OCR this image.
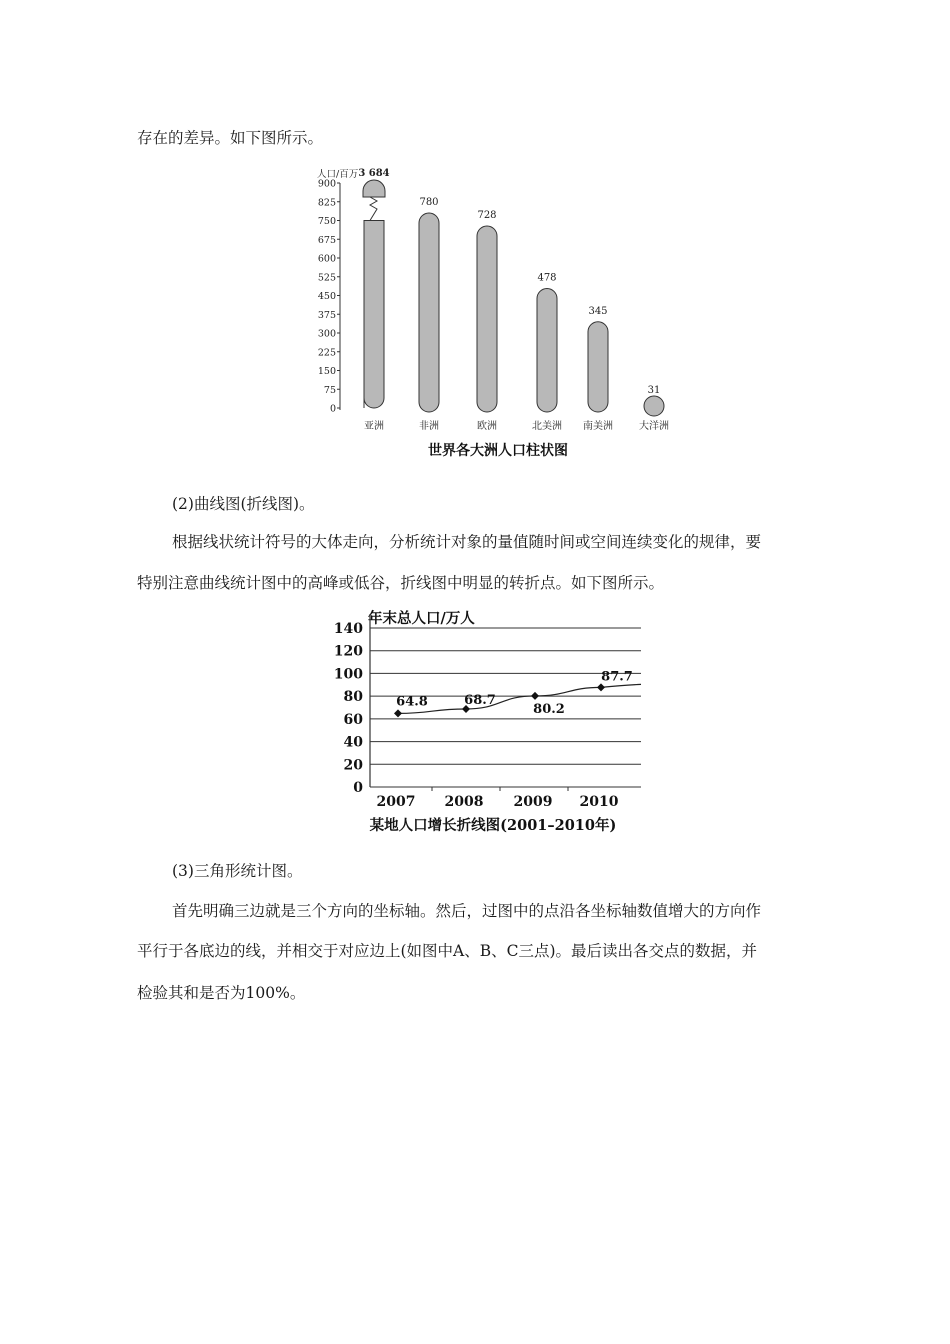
存在的差异。如下图所示。
人口/百万
0
75
150
225
300
375
450
525
600
675
750
825
900
3 684
亚洲
780
非洲
728
欧洲
478
北美洲
345
南美洲
31
大洋洲
世界各大洲人口柱状图
(2)曲线图(折线图)。
根据线状统计符号的大体走向，分析统计对象的量值随时间或空间连续变化的规律，要
特别注意曲线统计图中的高峰或低谷，折线图中明显的转折点。如下图所示。
年末总人口/万人
0
20
40
60
80
100
120
140
64.8
2007
68.7
2008
80.2
2009
87.7
2010
某地人口增长折线图(2001–2010年)
(3)三角形统计图。
首先明确三边就是三个方向的坐标轴。然后，过图中的点沿各坐标轴数值增大的方向作
平行于各底边的线，并相交于对应边上(如图中A、B、C三点)。最后读出各交点的数据，并
检验其和是否为100%。
